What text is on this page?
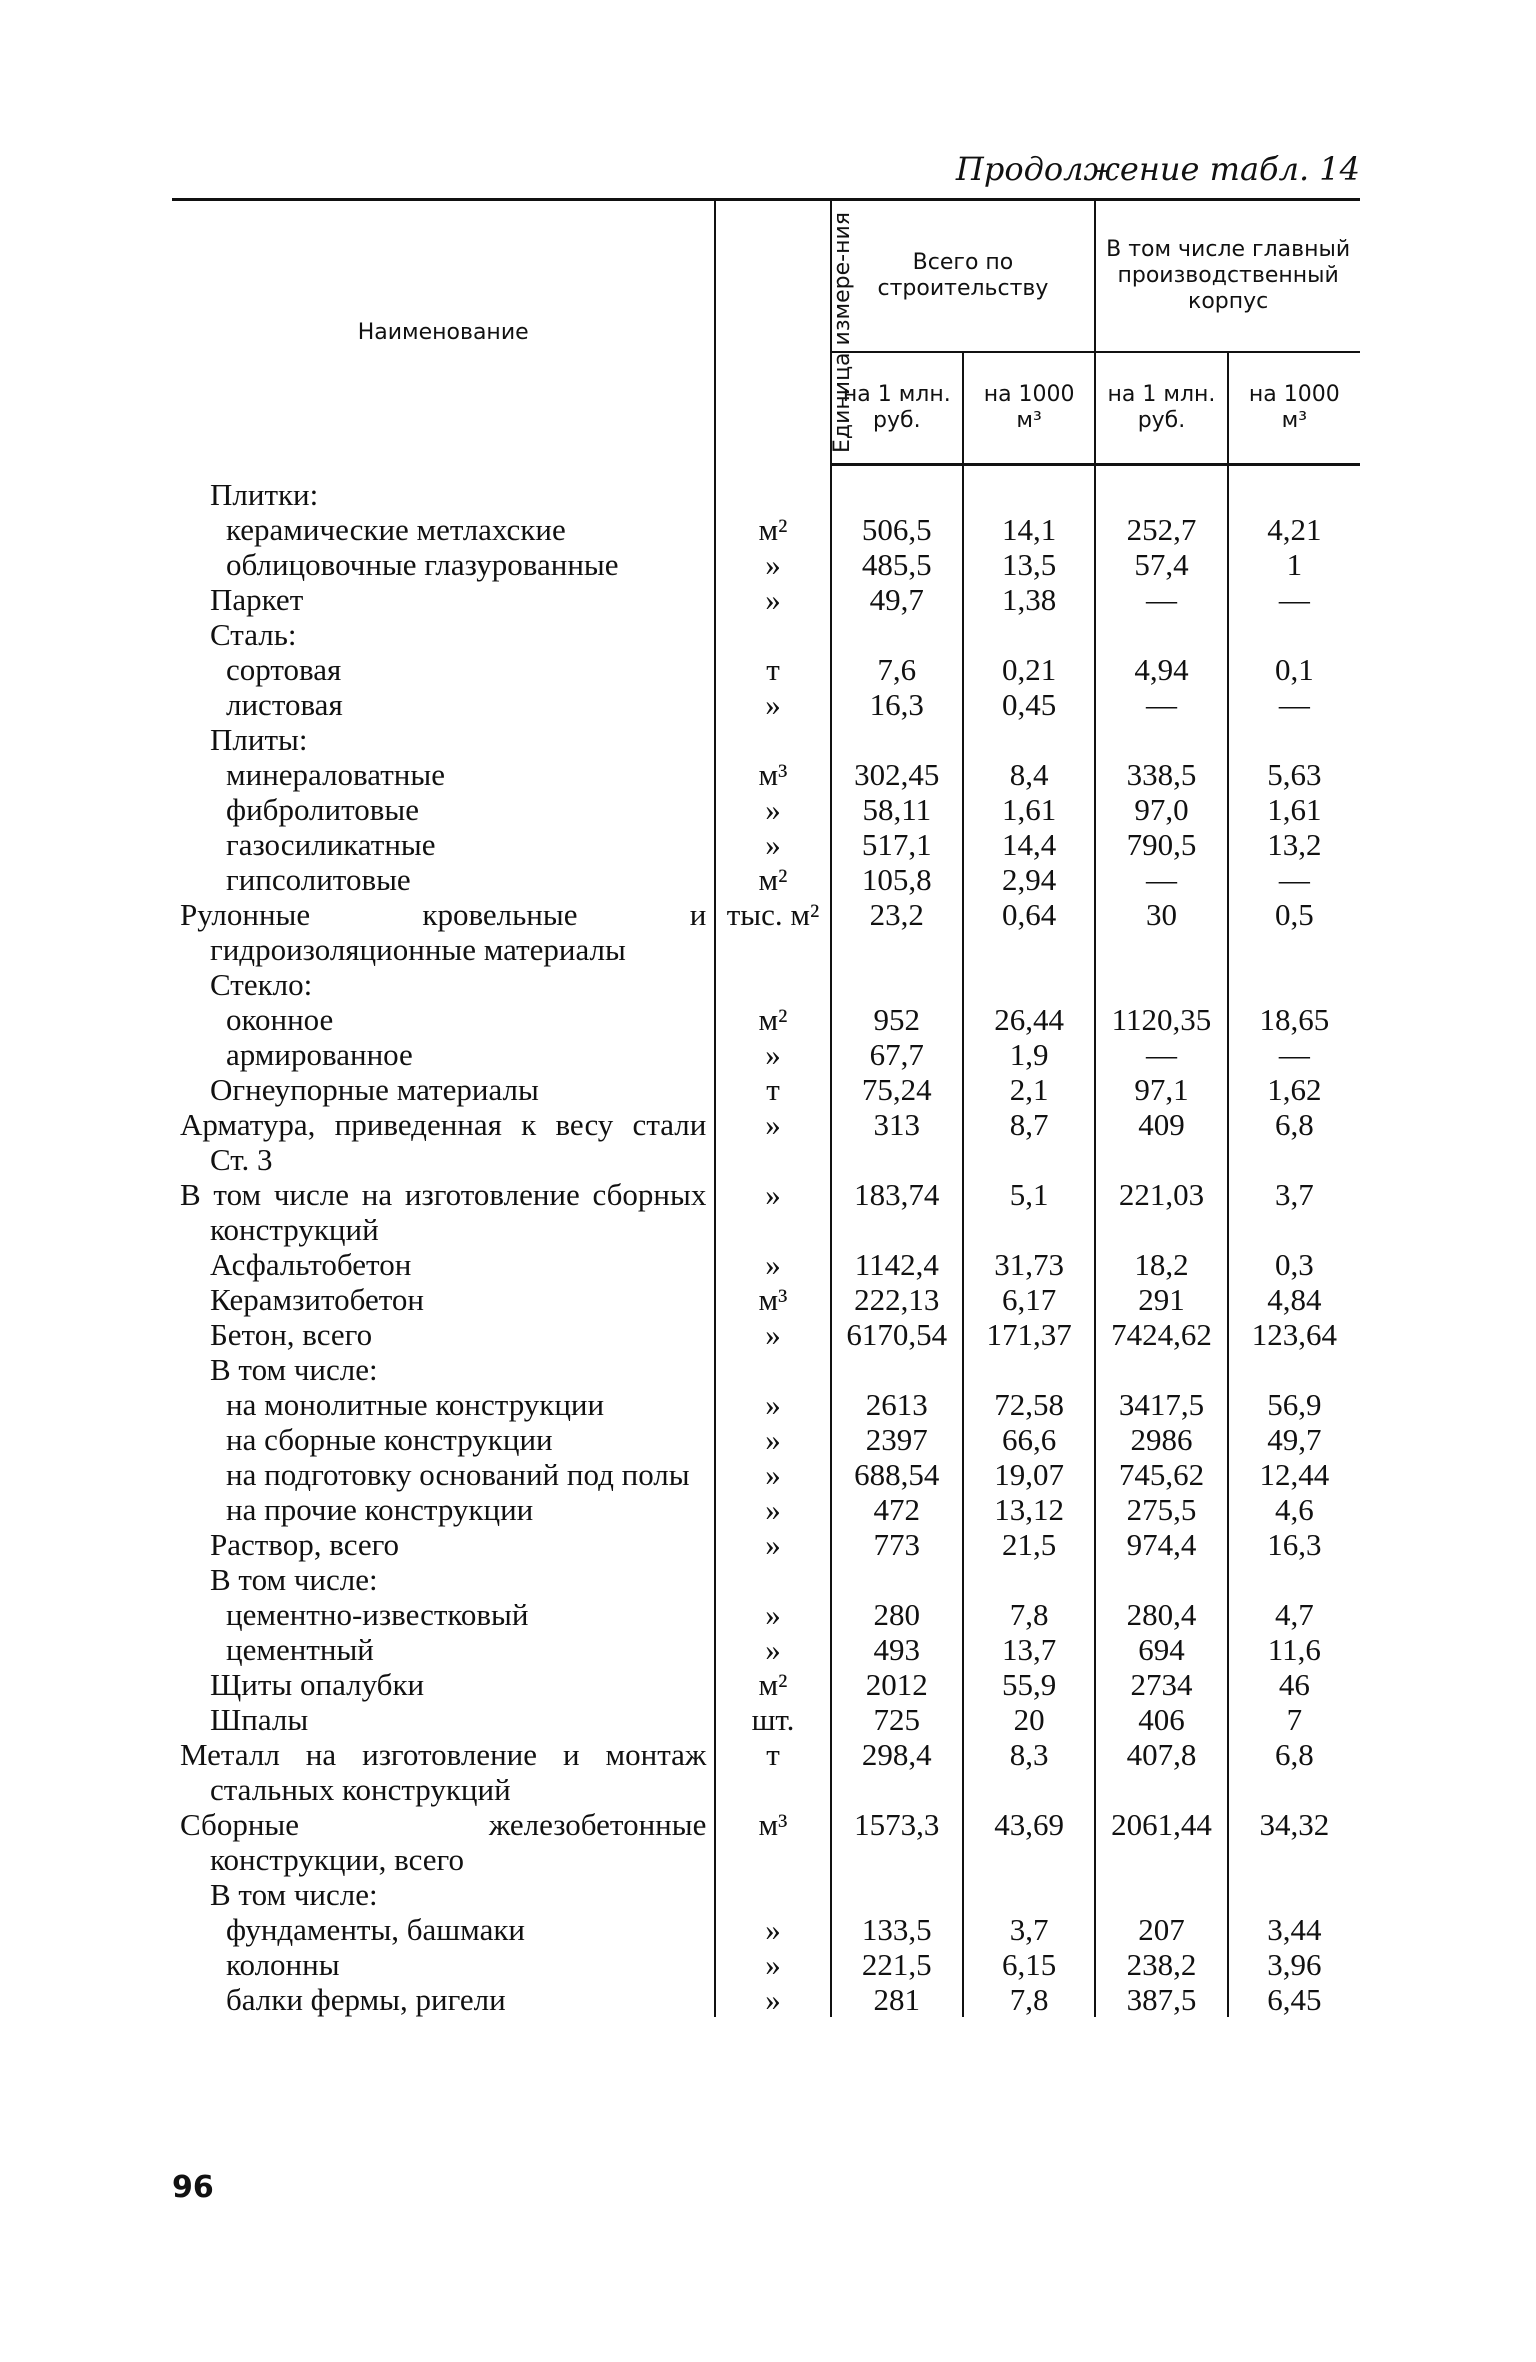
Продолжение табл. 14
Наименование	Единица измере-ния	Всего по строительству		В том числе главный производственный корпус	
		на 1 млн. руб.	на 1000 м³	на 1 млн. руб.	на 1000 м³

Плитки:					

керамические метлахские	м²	506,5	14,1	252,7	4,21

облицовочные глазурованные	»	485,5	13,5	57,4	1

Паркет	»	49,7	1,38	—	—

Сталь:					

сортовая	т	7,6	0,21	4,94	0,1

листовая	»	16,3	0,45	—	—

Плиты:					

минераловатные	м³	302,45	8,4	338,5	5,63

фибролитовые	»	58,11	1,61	97,0	1,61

газосиликатные	»	517,1	14,4	790,5	13,2

гипсолитовые	м²	105,8	2,94	—	—

Рулонные кровельные и гидроизоляционные материалы	тыс. м²	23,2	0,64	30	0,5

Стекло:					

оконное	м²	952	26,44	1120,35	18,65

армированное	»	67,7	1,9	—	—

Огнеупорные материалы	т	75,24	2,1	97,1	1,62

Арматура, приведенная к весу стали Ст. 3	»	313	8,7	409	6,8

В том числе на изготовление сборных конструкций	»	183,74	5,1	221,03	3,7

Асфальтобетон	»	1142,4	31,73	18,2	0,3

Керамзитобетон	м³	222,13	6,17	291	4,84

Бетон, всего	»	6170,54	171,37	7424,62	123,64

В том числе:					

на монолитные конструкции	»	2613	72,58	3417,5	56,9

на сборные конструкции	»	2397	66,6	2986	49,7

на подготовку оснований под полы	»	688,54	19,07	745,62	12,44

на прочие конструкции	»	472	13,12	275,5	4,6

Раствор, всего	»	773	21,5	974,4	16,3

В том числе:					

цементно-известковый	»	280	7,8	280,4	4,7

цементный	»	493	13,7	694	11,6

Щиты опалубки	м²	2012	55,9	2734	46

Шпалы	шт.	725	20	406	7

Металл на изготовление и монтаж стальных конструкций	т	298,4	8,3	407,8	6,8

Сборные железобетонные конструкции, всего	м³	1573,3	43,69	2061,44	34,32

В том числе:					

фундаменты, башмаки	»	133,5	3,7	207	3,44

колонны	»	221,5	6,15	238,2	3,96

балки фермы, ригели	»	281	7,8	387,5	6,45
96
